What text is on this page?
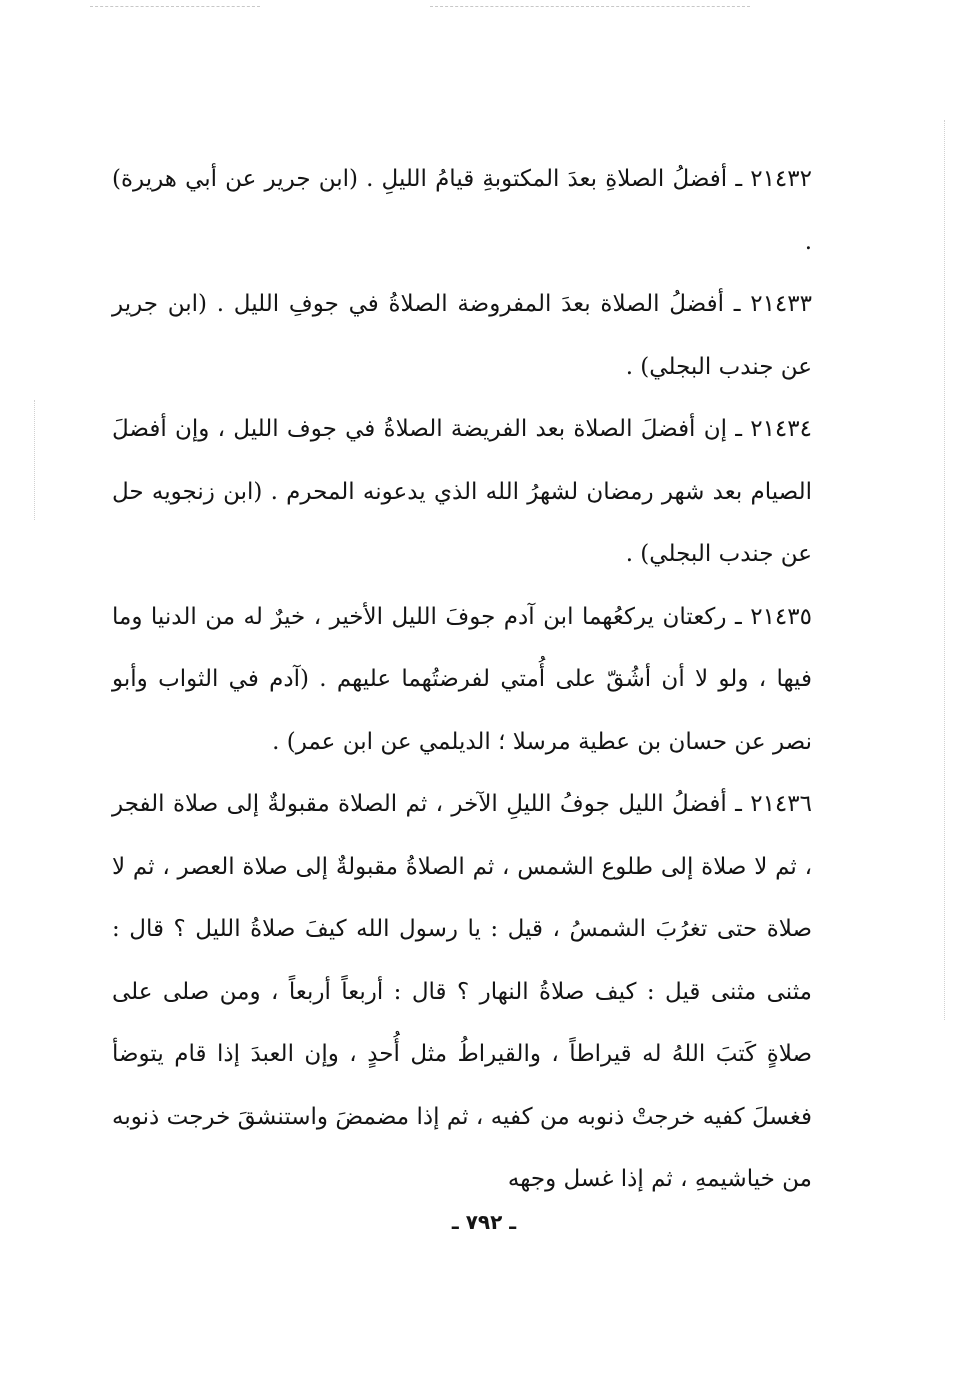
٢١٤٣٢ ـ أفضلُ الصلاةِ بعدَ المكتوبةِ قيامُ الليلِ . (ابن جرير عن أبي هريرة) .

٢١٤٣٣ ـ أفضلُ الصلاة بعدَ المفروضة الصلاةُ في جوفِ الليل . (ابن جرير عن جندب البجلي) .

٢١٤٣٤ ـ إن أفضلَ الصلاة بعد الفريضة الصلاةُ في جوف الليل ، وإن أفضلَ الصيام بعد شهر رمضان لشهرُ الله الذي يدعونه المحرم . (ابن زنجويه حل عن جندب البجلي) .

٢١٤٣٥ ـ ركعتان يركعُهما ابن آدم جوفَ الليل الأخير ، خيرٌ له من الدنيا وما فيها ، ولو لا أن أشُقّ على أُمتي لفرضتُهما عليهم . (آدم في الثواب وأبو نصر عن حسان بن عطية مرسلا ؛ الديلمي عن ابن عمر) .

٢١٤٣٦ ـ أفضلُ الليل جوفُ الليلِ الآخر ، ثم الصلاة مقبولةٌ إلى صلاة الفجر ، ثم لا صلاة إلى طلوع الشمس ، ثم الصلاةُ مقبولةٌ إلى صلاة العصر ، ثم لا صلاة حتى تغرُبَ الشمسُ ، قيل : يا رسول الله كيفَ صلاةُ الليل ؟ قال : مثنى مثنى قيل : كيف صلاةُ النهار ؟ قال : أربعاً أربعاً ، ومن صلى على صلاةٍ كَتبَ اللهُ له قيراطاً ، والقيراطُ مثل أُحدٍ ، وإن العبدَ إذا قام يتوضأ فغسلَ كفيه خرجتْ ذنوبه من كفيه ، ثم إذا مضمضَ واستنشقَ خرجت ذنوبه من خياشيمهِ ، ثم إذا غسل وجهه

ـ ٧٩٢ ـ
